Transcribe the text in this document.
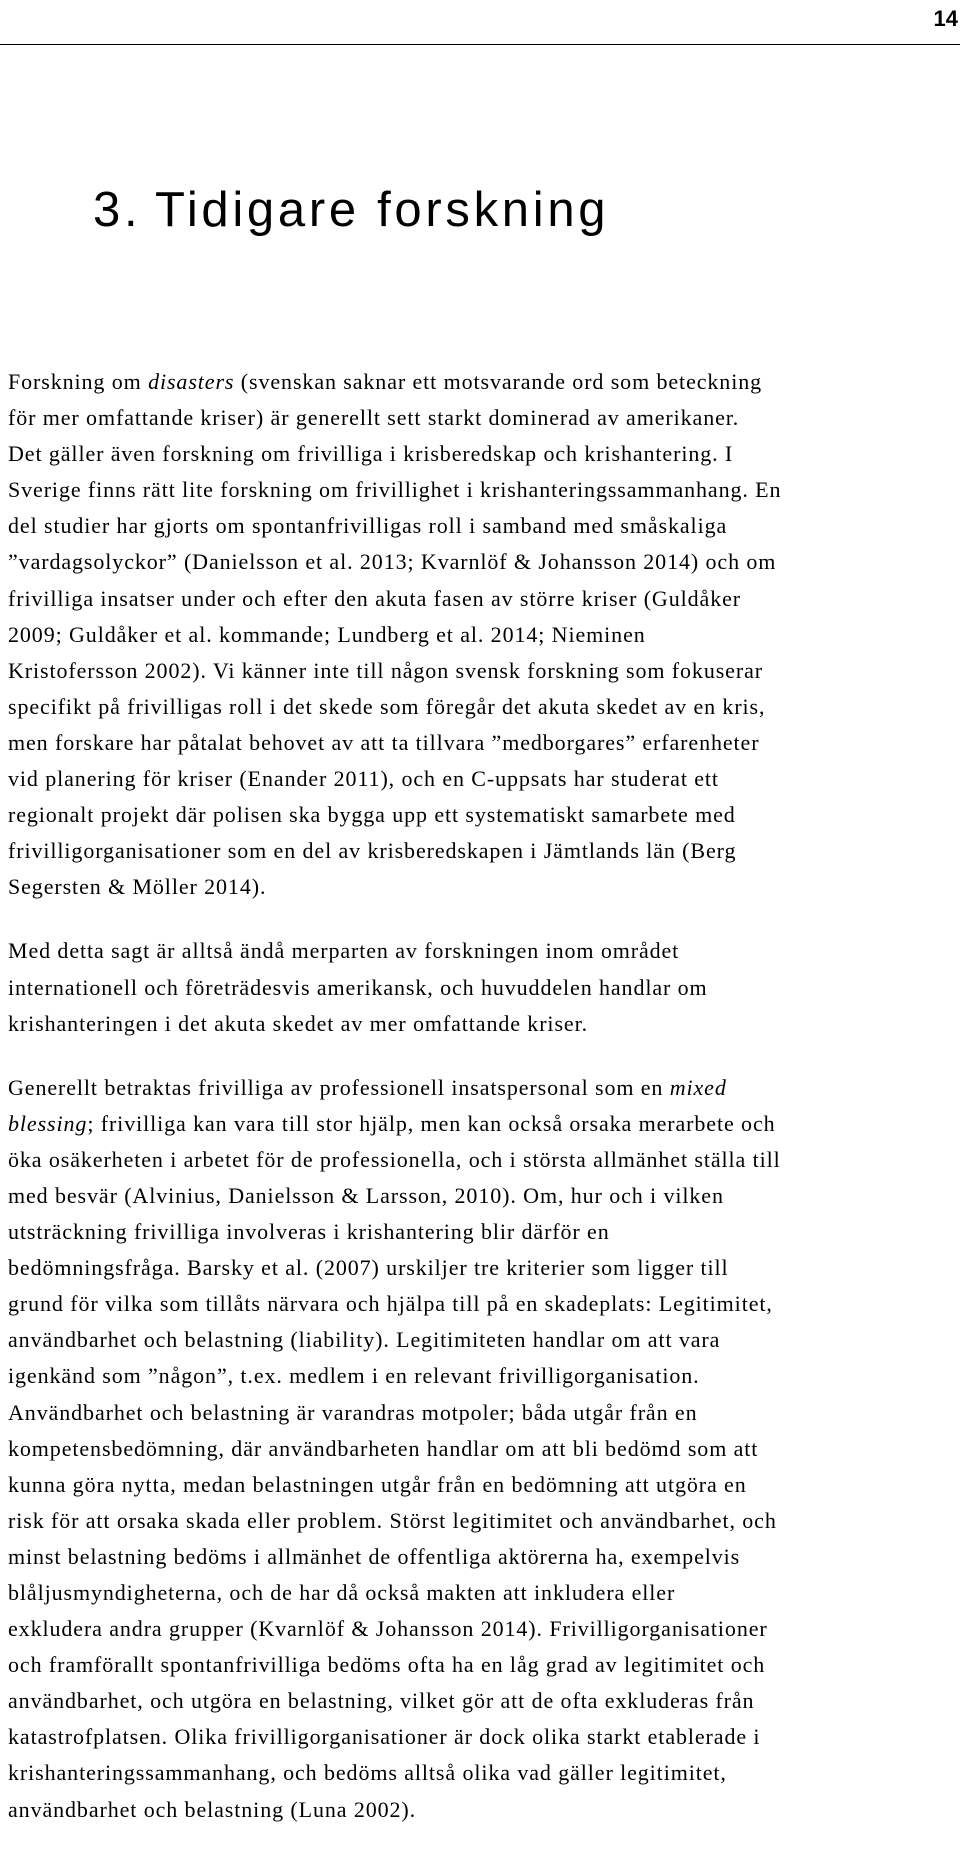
14
3. Tidigare forskning

Forskning om disasters (svenskan saknar ett motsvarande ord som beteckning
för mer omfattande kriser) är generellt sett starkt dominerad av amerikaner.
Det gäller även forskning om frivilliga i krisberedskap och krishantering. I
Sverige finns rätt lite forskning om frivillighet i krishanteringssammanhang. En
del studier har gjorts om spontanfrivilligas roll i samband med småskaliga
”vardagsolyckor” (Danielsson et al. 2013; Kvarnlöf & Johansson 2014) och om
frivilliga insatser under och efter den akuta fasen av större kriser (Guldåker
2009; Guldåker et al. kommande; Lundberg et al. 2014; Nieminen
Kristofersson 2002). Vi känner inte till någon svensk forskning som fokuserar
specifikt på frivilligas roll i det skede som föregår det akuta skedet av en kris,
men forskare har påtalat behovet av att ta tillvara ”medborgares” erfarenheter
vid planering för kriser (Enander 2011), och en C-uppsats har studerat ett
regionalt projekt där polisen ska bygga upp ett systematiskt samarbete med
frivilligorganisationer som en del av krisberedskapen i Jämtlands län (Berg
Segersten & Möller 2014).

Med detta sagt är alltså ändå merparten av forskningen inom området
internationell och företrädesvis amerikansk, och huvuddelen handlar om
krishanteringen i det akuta skedet av mer omfattande kriser.

Generellt betraktas frivilliga av professionell insatspersonal som en mixed
blessing; frivilliga kan vara till stor hjälp, men kan också orsaka merarbete och
öka osäkerheten i arbetet för de professionella, och i största allmänhet ställa till
med besvär (Alvinius, Danielsson & Larsson, 2010). Om, hur och i vilken
utsträckning frivilliga involveras i krishantering blir därför en
bedömningsfråga. Barsky et al. (2007) urskiljer tre kriterier som ligger till
grund för vilka som tillåts närvara och hjälpa till på en skadeplats: Legitimitet,
användbarhet och belastning (liability). Legitimiteten handlar om att vara
igenkänd som ”någon”, t.ex. medlem i en relevant frivilligorganisation.
Användbarhet och belastning är varandras motpoler; båda utgår från en
kompetensbedömning, där användbarheten handlar om att bli bedömd som att
kunna göra nytta, medan belastningen utgår från en bedömning att utgöra en
risk för att orsaka skada eller problem. Störst legitimitet och användbarhet, och
minst belastning bedöms i allmänhet de offentliga aktörerna ha, exempelvis
blåljusmyndigheterna, och de har då också makten att inkludera eller
exkludera andra grupper (Kvarnlöf & Johansson 2014). Frivilligorganisationer
och framförallt spontanfrivilliga bedöms ofta ha en låg grad av legitimitet och
användbarhet, och utgöra en belastning, vilket gör att de ofta exkluderas från
katastrofplatsen. Olika frivilligorganisationer är dock olika starkt etablerade i
krishanteringssammanhang, och bedöms alltså olika vad gäller legitimitet,
användbarhet och belastning (Luna 2002).
